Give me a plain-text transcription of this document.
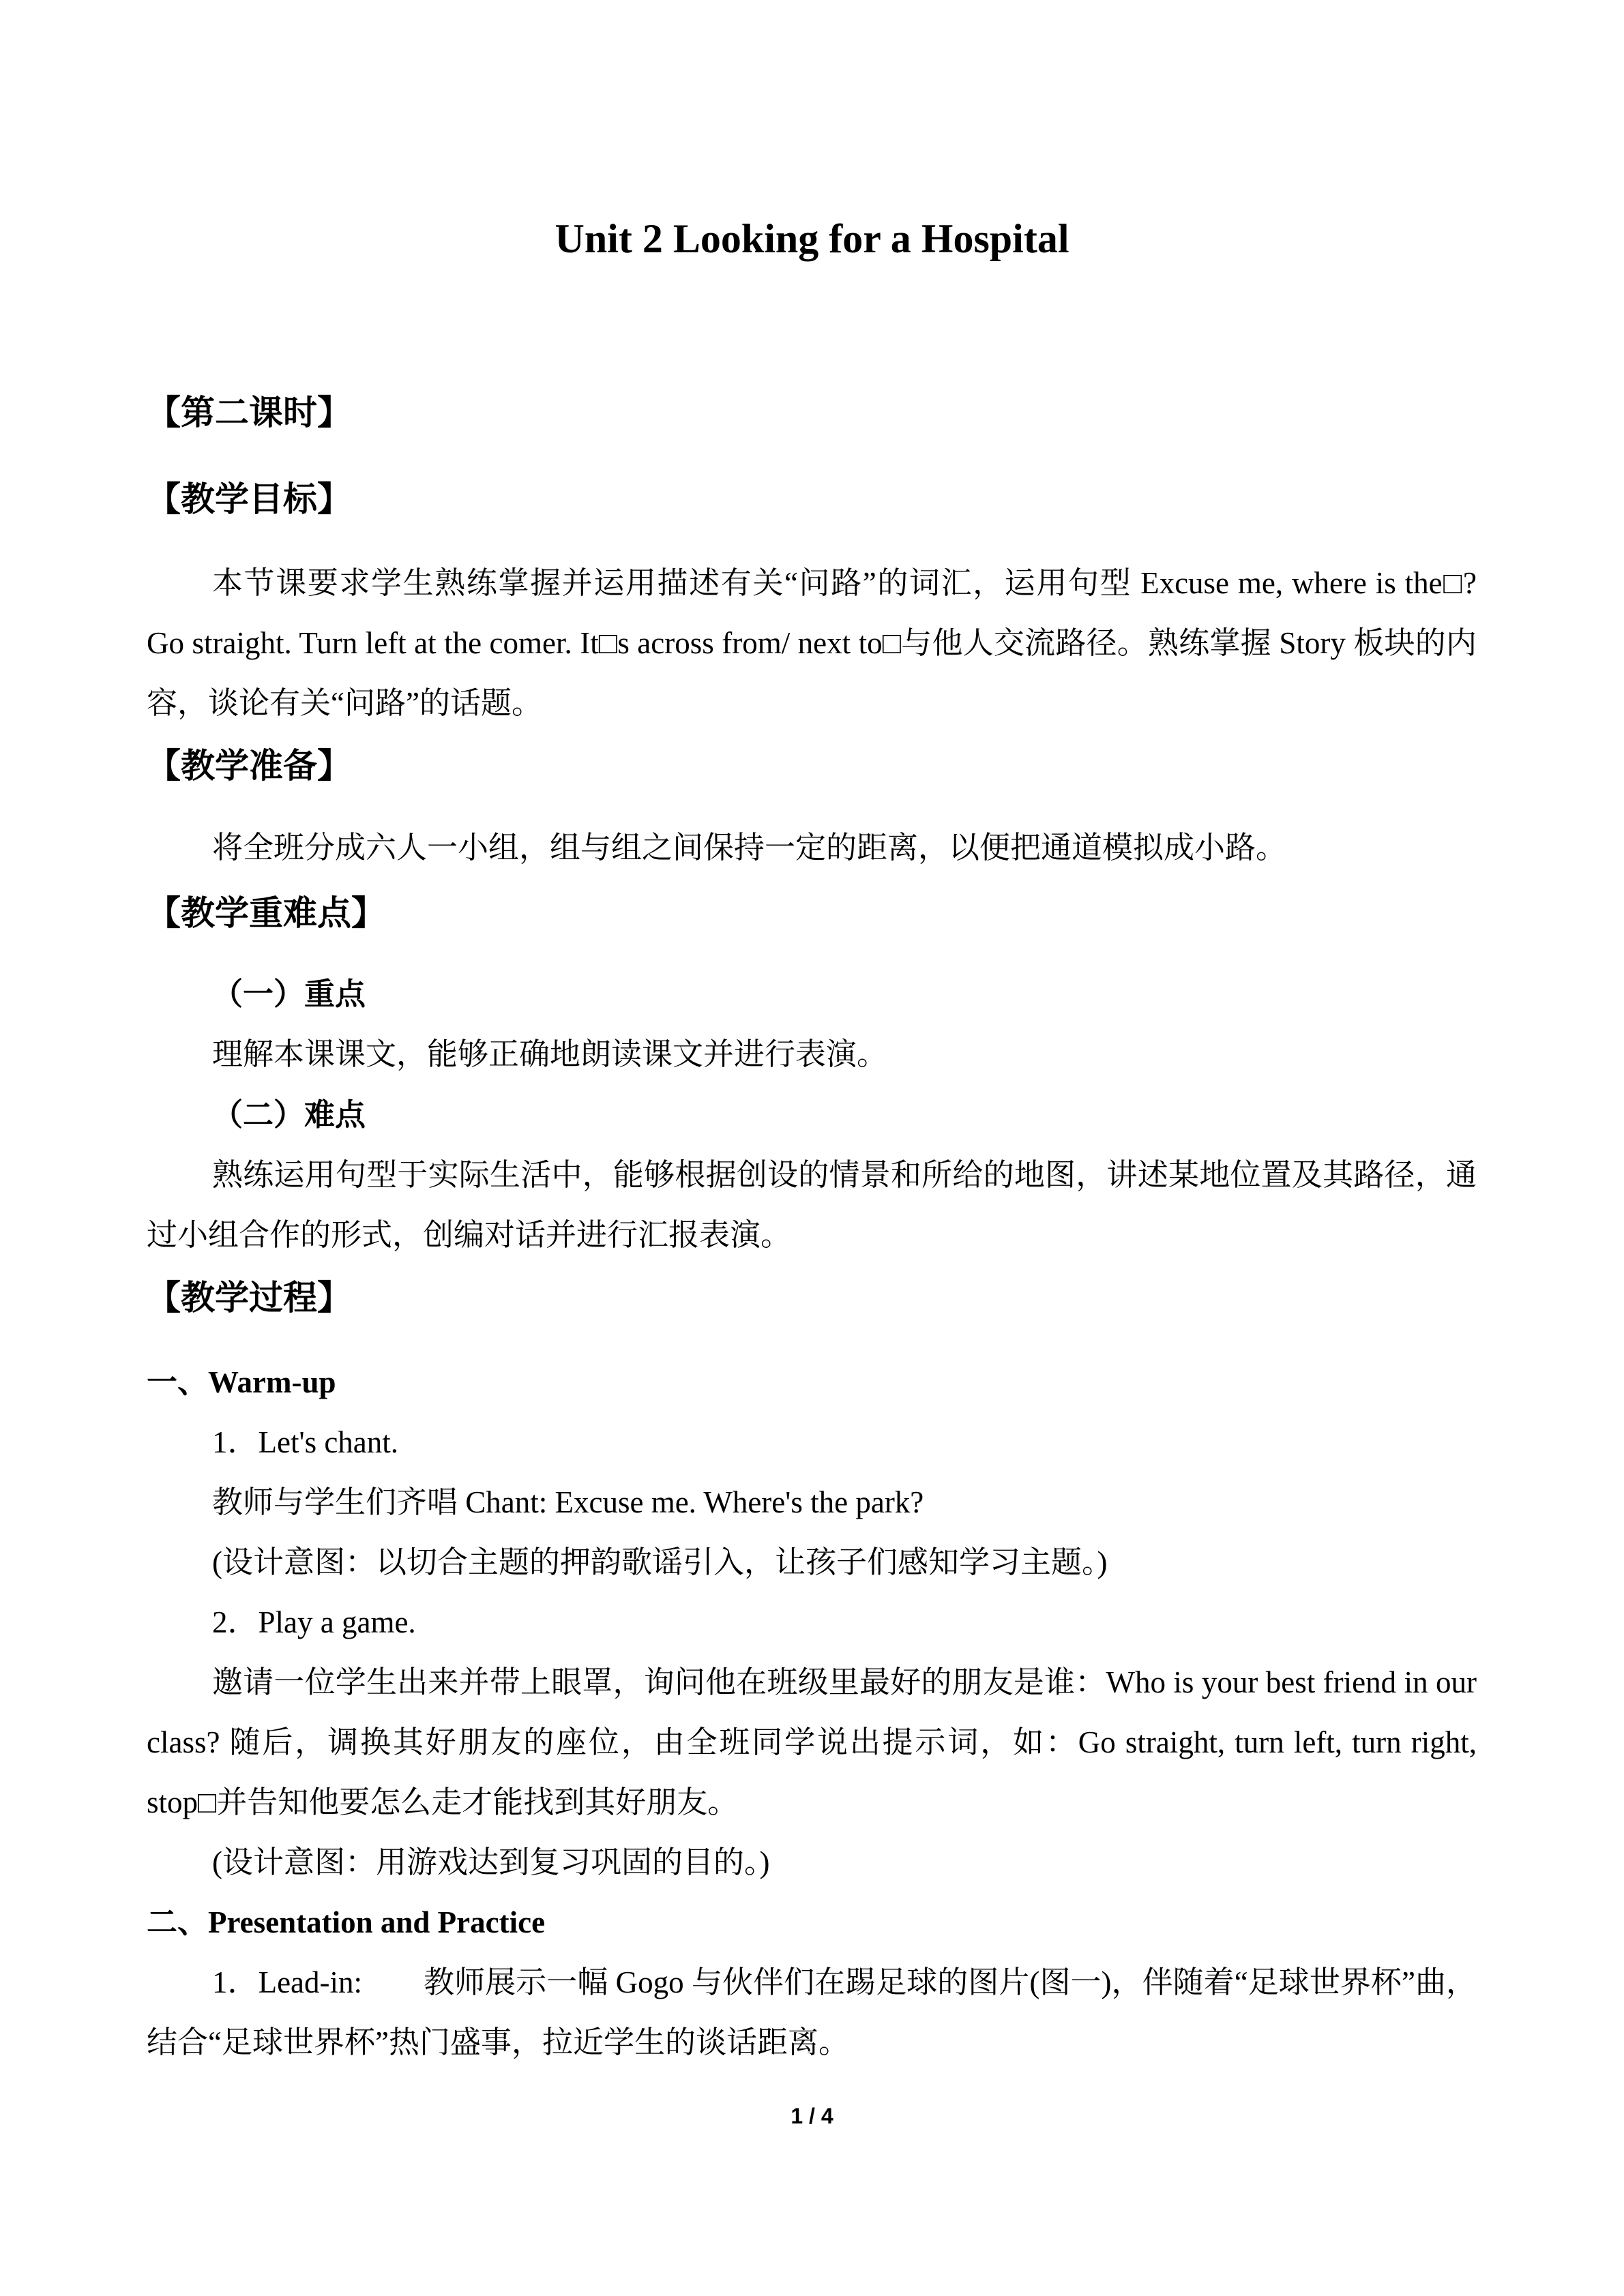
Unit 2 Looking for a Hospital
【第二课时】
【教学目标】

本节课要求学生熟练掌握并运用描述有关“问路”的词汇，运用句型 Excuse me, where is the□? Go straight. Turn left at the comer. It□s across from/ next to□与他人交流路径。熟练掌握 Story 板块的内容，谈论有关“问路”的话题。

【教学准备】

将全班分成六人一小组，组与组之间保持一定的距离，以便把通道模拟成小路。

【教学重难点】
（一）重点

理解本课课文，能够正确地朗读课文并进行表演。

（二）难点

熟练运用句型于实际生活中，能够根据创设的情景和所给的地图，讲述某地位置及其路径，通过小组合作的形式，创编对话并进行汇报表演。

【教学过程】
一、Warm-up
1．Let's chant.
教师与学生们齐唱 Chant: Excuse me. Where's the park?
(设计意图：以切合主题的押韵歌谣引入，让孩子们感知学习主题。)
2．Play a game.

邀请一位学生出来并带上眼罩，询问他在班级里最好的朋友是谁：Who is your best friend in our class? 随后，调换其好朋友的座位，由全班同学说出提示词，如：Go straight, turn left, turn right, stop□并告知他要怎么走才能找到其好朋友。

(设计意图：用游戏达到复习巩固的目的。)
二、Presentation and Practice

1．Lead-in:　　教师展示一幅 Gogo 与伙伴们在踢足球的图片(图一)，伴随着“足球世界杯”曲，结合“足球世界杯”热门盛事，拉近学生的谈话距离。

1 / 4
